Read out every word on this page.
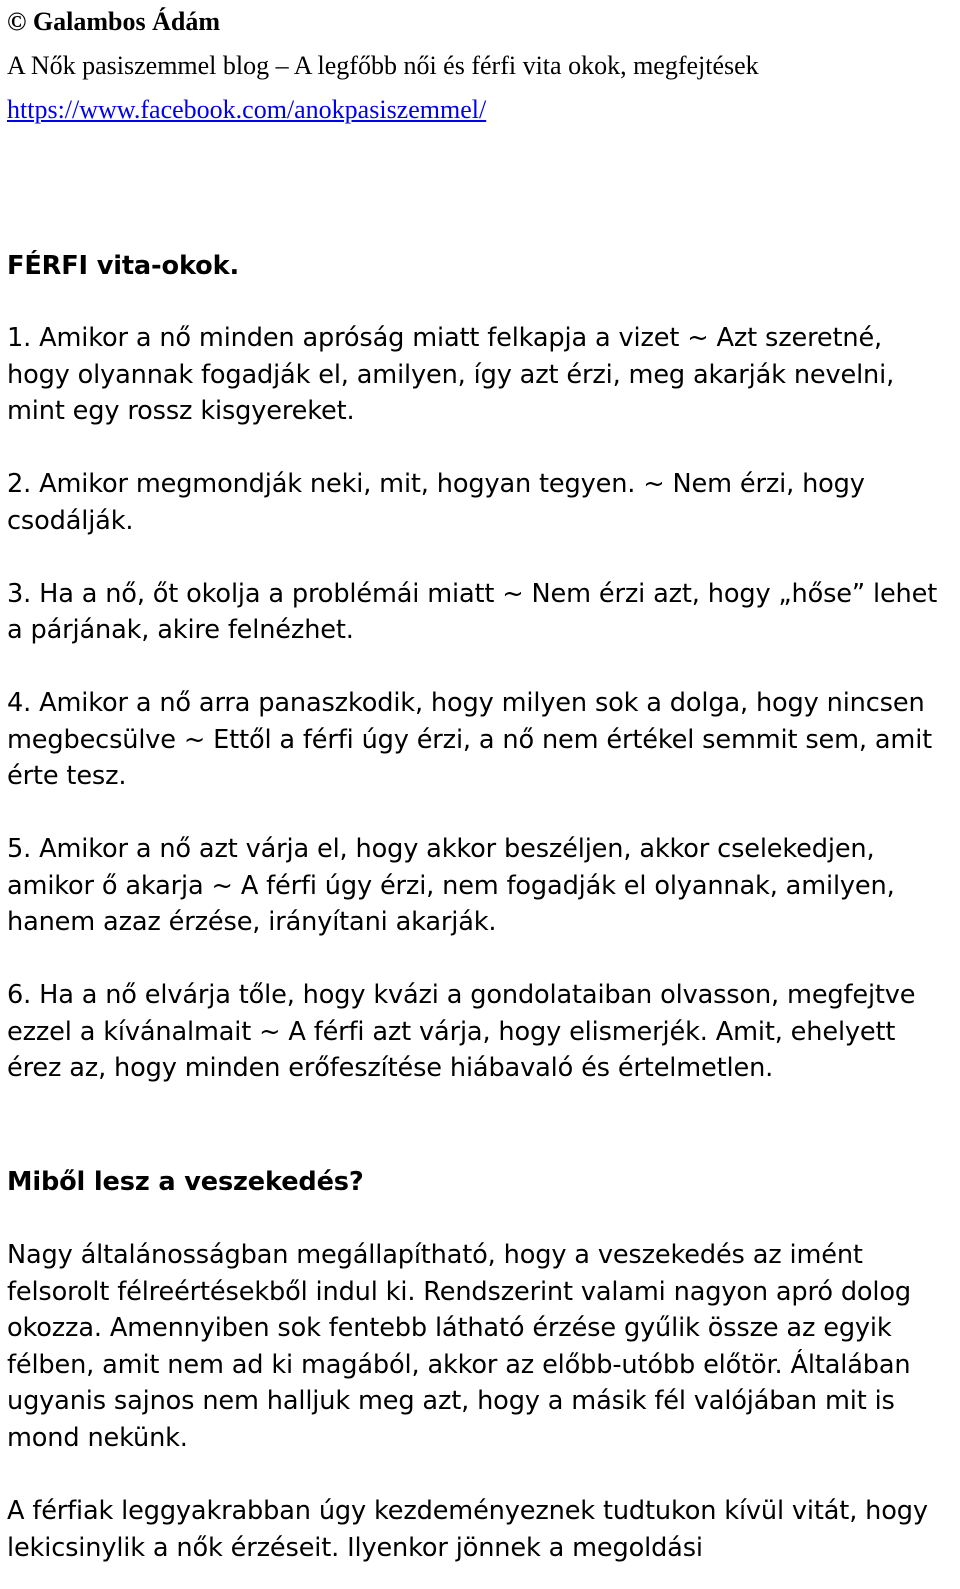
© Galambos Ádám

A Nők pasiszemmel blog – A legfőbb női és férfi vita okok, megfejtések

https://www.facebook.com/anokpasiszemmel/

FÉRFI vita-okok.

1. Amikor a nő minden apróság miatt felkapja a vizet ~ Azt szeretné, hogy olyannak fogadják el, amilyen, így azt érzi, meg akarják nevelni, mint egy rossz kisgyereket.

2. Amikor megmondják neki, mit, hogyan tegyen. ~ Nem érzi, hogy csodálják.

3. Ha a nő, őt okolja a problémái miatt ~ Nem érzi azt, hogy „hőse” lehet a párjának, akire felnézhet.

4. Amikor a nő arra panaszkodik, hogy milyen sok a dolga, hogy nincsen megbecsülve ~ Ettől a férfi úgy érzi, a nő nem értékel semmit sem, amit érte tesz.

5. Amikor a nő azt várja el, hogy akkor beszéljen, akkor cselekedjen, amikor ő akarja ~ A férfi úgy érzi, nem fogadják el olyannak, amilyen, hanem azaz érzése, irányítani akarják.

6. Ha a nő elvárja tőle, hogy kvázi a gondolataiban olvasson, megfejtve ezzel a kívánalmait ~ A férfi azt várja, hogy elismerjék. Amit, ehelyett érez az, hogy minden erőfeszítése hiábavaló és értelmetlen.

Miből lesz a veszekedés?

Nagy általánosságban megállapítható, hogy a veszekedés az imént felsorolt félreértésekből indul ki. Rendszerint valami nagyon apró dolog okozza. Amennyiben sok fentebb látható érzése gyűlik össze az egyik félben, amit nem ad ki magából, akkor az előbb-utóbb előtör. Általában ugyanis sajnos nem halljuk meg azt, hogy a másik fél valójában mit is mond nekünk.

A férfiak leggyakrabban úgy kezdeményeznek tudtukon kívül vitát, hogy lekicsinylik a nők érzéseit. Ilyenkor jönnek a megoldási
